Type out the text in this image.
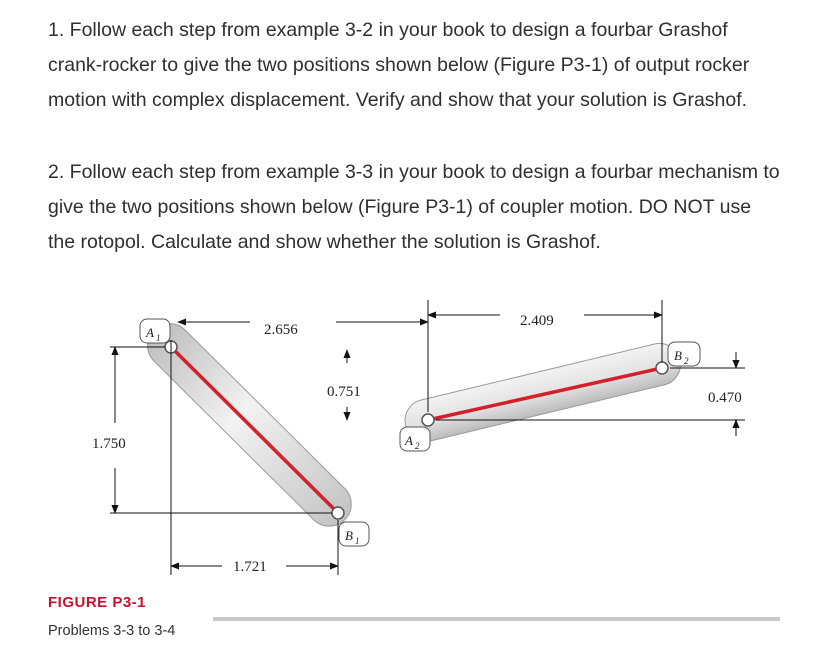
1. Follow each step from example 3-2 in your book to design a fourbar Grashof crank-rocker to give the two positions shown below (Figure P3-1) of output rocker motion with complex displacement. Verify and show that your solution is Grashof.

2. Follow each step from example 3-3 in your book to design a fourbar mechanism to give the two positions shown below (Figure P3-1) of coupler motion. DO NOT use the rotopol. Calculate and show whether the solution is Grashof.

A 1
B 1
A 2
B 2
2.656
2.409
0.751	0.470
1.750
1.721

FIGURE P3-1

Problems 3-3 to 3-4
